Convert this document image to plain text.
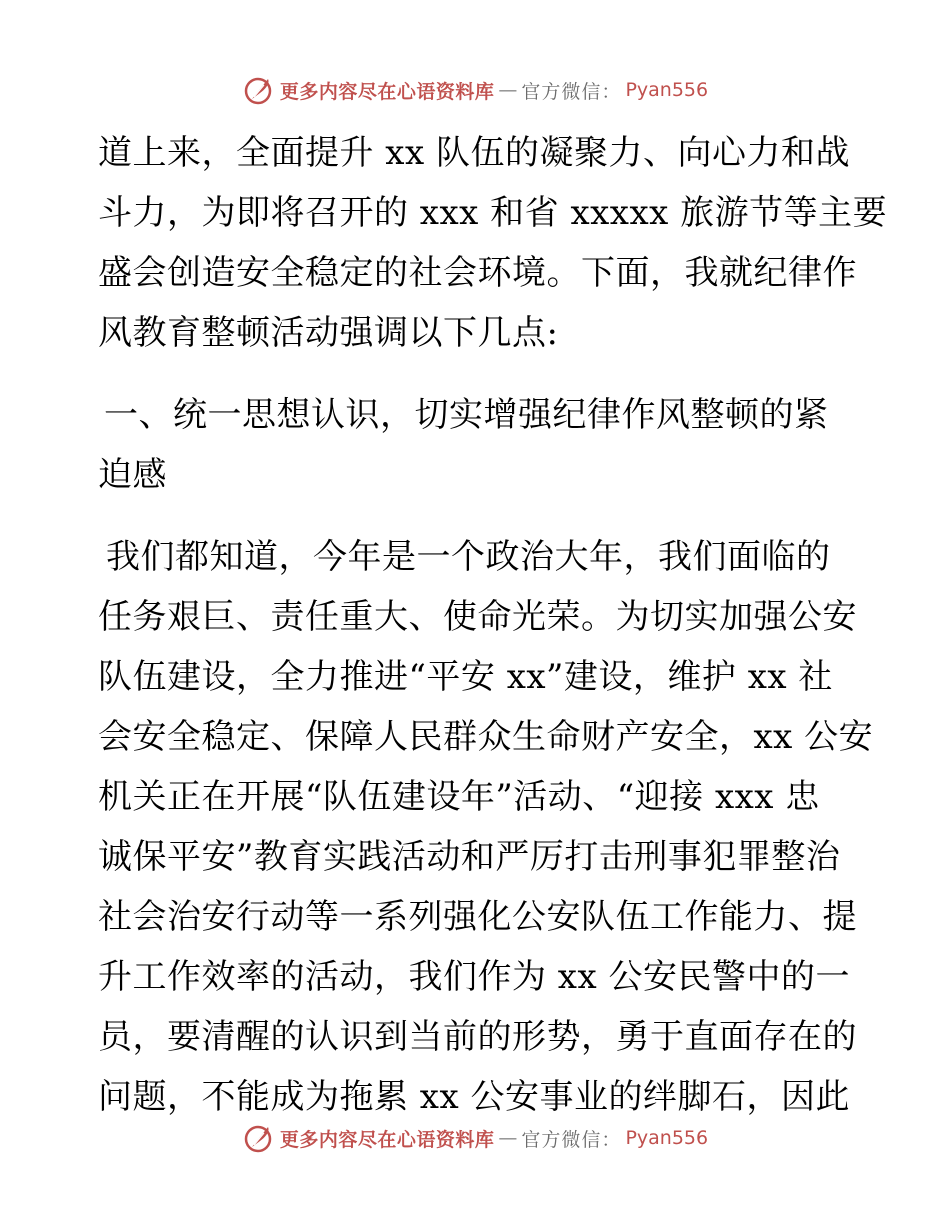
更多内容尽在心语资料库 — 官方微信： Pyan556
道上来，全面提升 xx 队伍的凝聚力、向心力和战
斗力，为即将召开的 xxx 和省 xxxxx 旅游节等主要
盛会创造安全稳定的社会环境。下面，我就纪律作
风教育整顿活动强调以下几点:
一、统一思想认识，切实增强纪律作风整顿的紧
迫感
我们都知道，今年是一个政治大年，我们面临的
任务艰巨、责任重大、使命光荣。为切实加强公安
队伍建设，全力推进“平安 xx”建设，维护 xx 社
会安全稳定、保障人民群众生命财产安全，xx 公安
机关正在开展“队伍建设年”活动、“迎接 xxx 忠
诚保平安”教育实践活动和严厉打击刑事犯罪整治
社会治安行动等一系列强化公安队伍工作能力、提
升工作效率的活动，我们作为 xx 公安民警中的一
员，要清醒的认识到当前的形势，勇于直面存在的
问题，不能成为拖累 xx 公安事业的绊脚石，因此
更多内容尽在心语资料库 — 官方微信： Pyan556
